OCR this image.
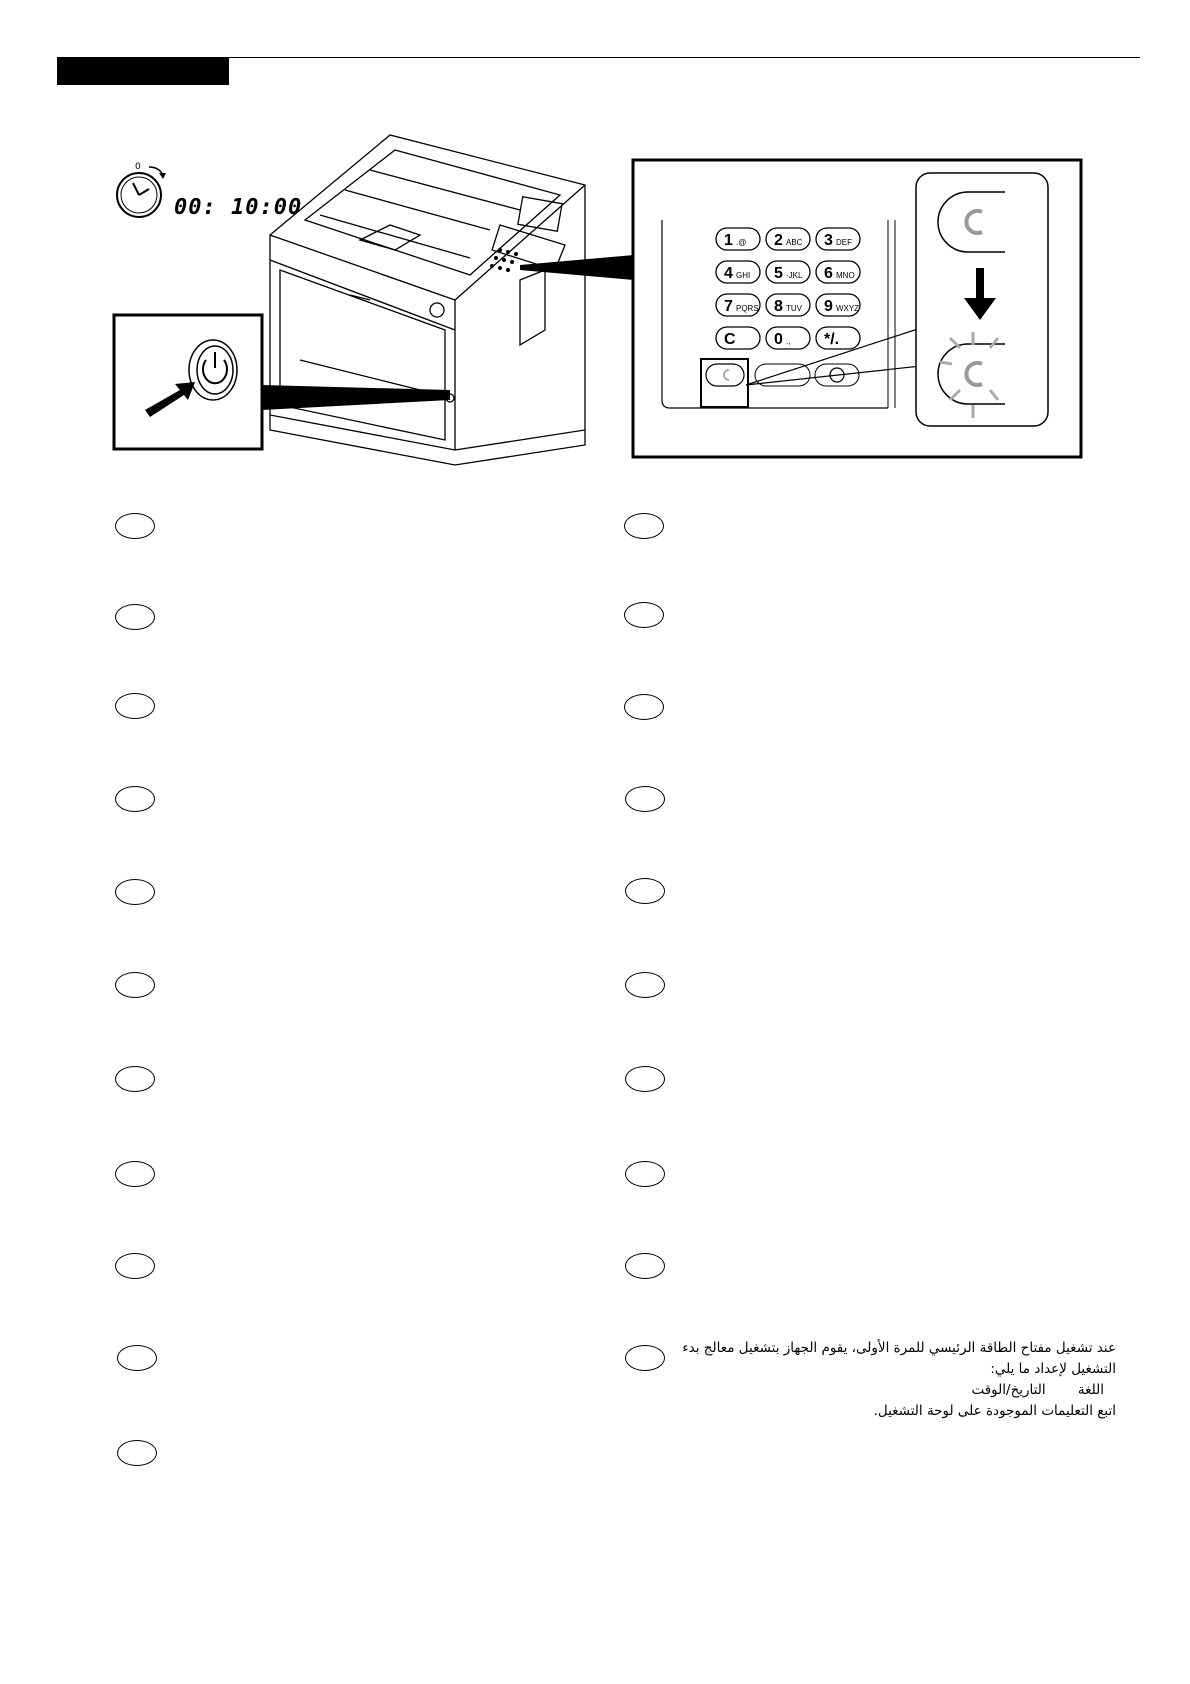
0
00: 10:00
1 .@ 2 ABC 3 DEF
4 GHI 5 ·JKL 6 MNO
7 PQRS 8 TUV 9 WXYZ
C 0 ., */.
عند تشغيل مفتاح الطاقة الرئيسي للمرة الأولى، يقوم الجهاز بتشغيل معالج بدء
التشغيل لإعداد ما يلي:
اللغة التاريخ/الوقت
اتبع التعليمات الموجودة على لوحة التشغيل.
